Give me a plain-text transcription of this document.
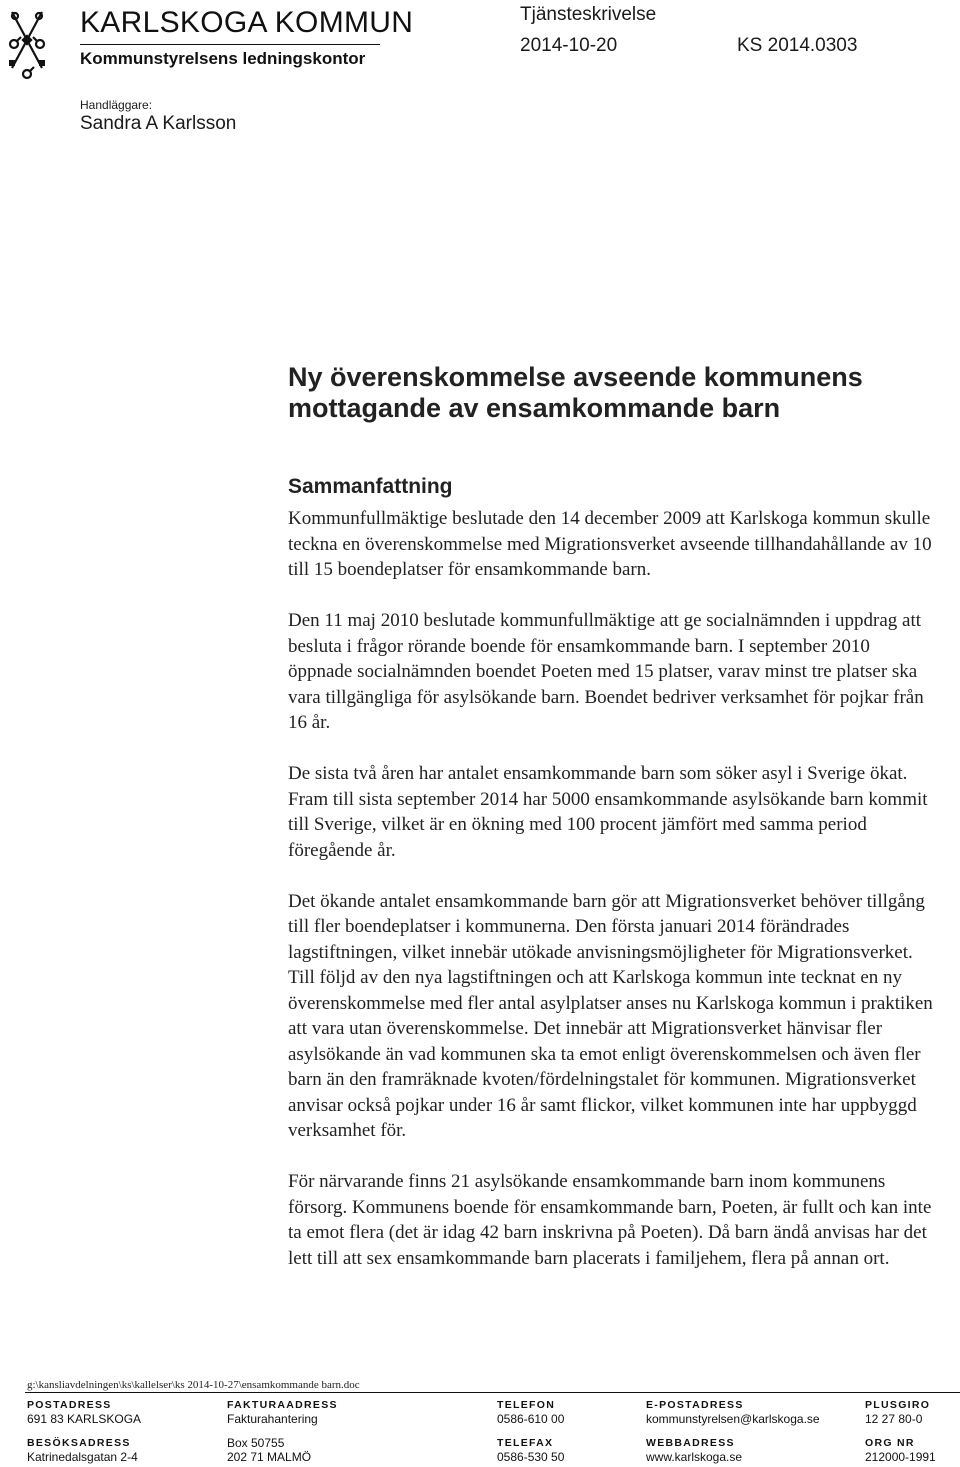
KARLSKOGA KOMMUN
Kommunstyrelsens ledningskontor
Tjänsteskrivelse
2014-10-20	KS 2014.0303
Handläggare:
Sandra A Karlsson
Ny överenskommelse avseende kommunens
mottagande av ensamkommande barn
Sammanfattning

Kommunfullmäktige beslutade den 14 december 2009 att Karlskoga kommun skulle teckna en överenskommelse med Migrationsverket avseende tillhandahållande av 10 till 15 boendeplatser för ensamkommande barn.

Den 11 maj 2010 beslutade kommunfullmäktige att ge socialnämnden i uppdrag att besluta i frågor rörande boende för ensamkommande barn. I september 2010 öppnade socialnämnden boendet Poeten med 15 platser, varav minst tre platser ska vara tillgängliga för asylsökande barn. Boendet bedriver verksamhet för pojkar från 16 år.

De sista två åren har antalet ensamkommande barn som söker asyl i Sverige ökat. Fram till sista september 2014 har 5000 ensamkommande asylsökande barn kommit till Sverige, vilket är en ökning med 100 procent jämfört med samma period föregående år.

Det ökande antalet ensamkommande barn gör att Migrationsverket behöver tillgång till fler boendeplatser i kommunerna. Den första januari 2014 förändrades lagstiftningen, vilket innebär utökade anvisningsmöjligheter för Migrationsverket. Till följd av den nya lagstiftningen och att Karlskoga kommun inte tecknat en ny överenskommelse med fler antal asylplatser anses nu Karlskoga kommun i praktiken att vara utan överenskommelse. Det innebär att Migrationsverket hänvisar fler asylsökande än vad kommunen ska ta emot enligt överenskommelsen och även fler barn än den framräknade kvoten/fördelningstalet för kommunen. Migrationsverket anvisar också pojkar under 16 år samt flickor, vilket kommunen inte har uppbyggd verksamhet för.

För närvarande finns 21 asylsökande ensamkommande barn inom kommunens försorg. Kommunens boende för ensamkommande barn, Poeten, är fullt och kan inte ta emot flera (det är idag 42 barn inskrivna på Poeten). Då barn ändå anvisas har det lett till att sex ensamkommande barn placerats i familjehem, flera på annan ort.

g:\kansliavdelningen\ks\kallelser\ks 2014-10-27\ensamkommande barn.doc
POSTADRESS
691 83 KARLSKOGA
FAKTURAADRESS
Fakturahantering
Box 50755
202 71 MALMÖ
TELEFON
0586-610 00
E-POSTADRESS
kommunstyrelsen@karlskoga.se
PLUSGIRO
12 27 80-0
BESÖKSADRESS
Katrinedalsgatan 2-4
TELEFAX
0586-530 50
WEBBADRESS
www.karlskoga.se
ORG NR
212000-1991
